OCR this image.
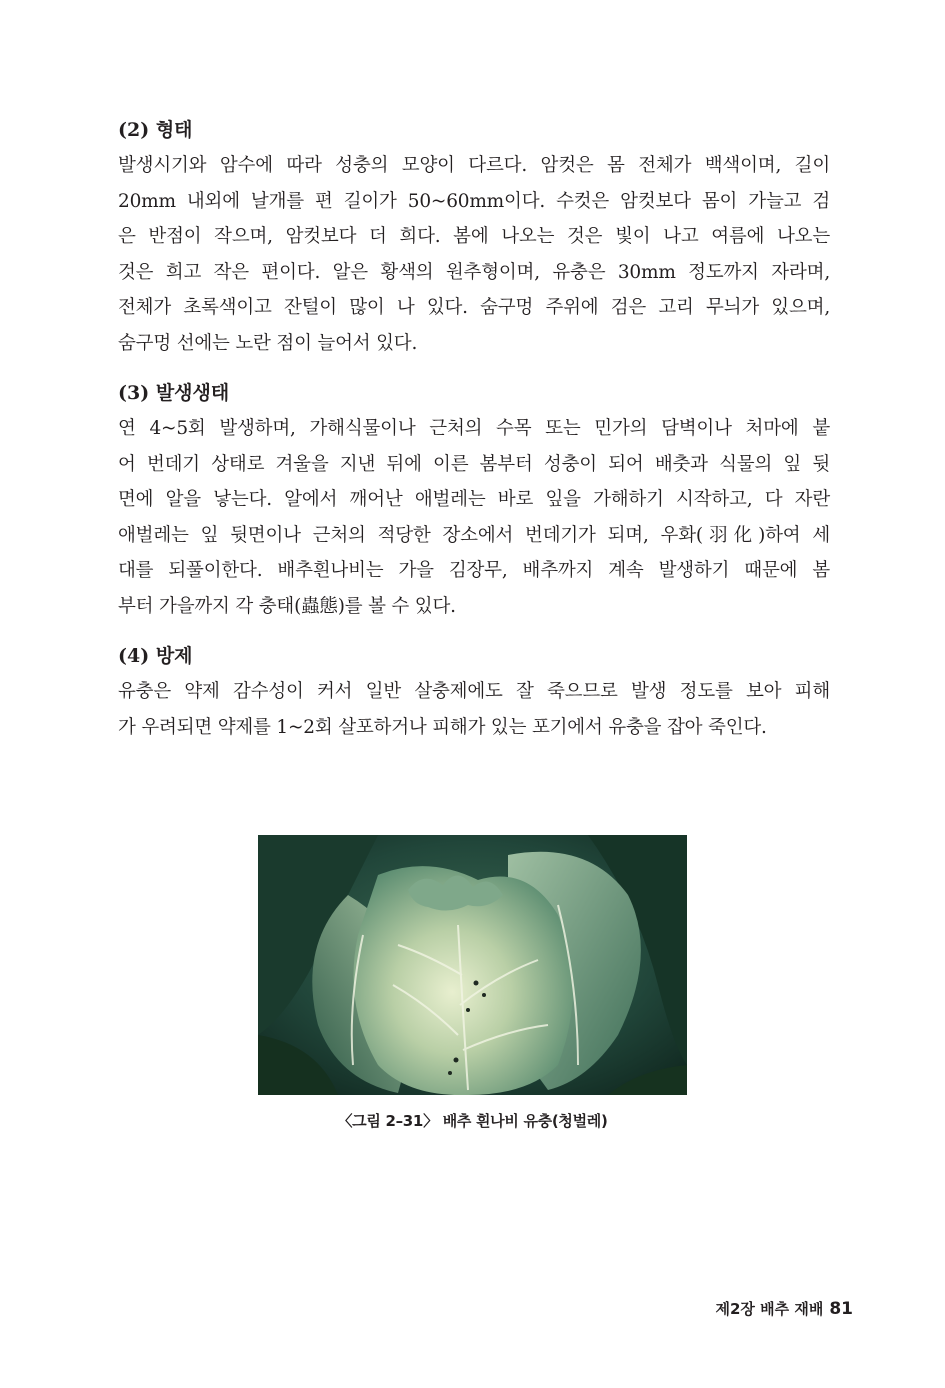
(2) 형태

발생시기와 암수에 따라 성충의 모양이 다르다. 암컷은 몸 전체가 백색이며, 길이
20mm 내외에 날개를 편 길이가 50~60mm이다. 수컷은 암컷보다 몸이 가늘고 검
은 반점이 작으며, 암컷보다 더 희다. 봄에 나오는 것은 빛이 나고 여름에 나오는
것은 희고 작은 편이다. 알은 황색의 원추형이며, 유충은 30mm 정도까지 자라며,
전체가 초록색이고 잔털이 많이 나 있다. 숨구멍 주위에 검은 고리 무늬가 있으며,
숨구멍 선에는 노란 점이 늘어서 있다.

(3) 발생생태

연 4~5회 발생하며, 가해식물이나 근처의 수목 또는 민가의 담벽이나 처마에 붙
어 번데기 상태로 겨울을 지낸 뒤에 이른 봄부터 성충이 되어 배춧과 식물의 잎 뒷
면에 알을 낳는다. 알에서 깨어난 애벌레는 바로 잎을 가해하기 시작하고, 다 자란
애벌레는 잎 뒷면이나 근처의 적당한 장소에서 번데기가 되며, 우화(羽化)하여 세
대를 되풀이한다. 배추흰나비는 가을 김장무, 배추까지 계속 발생하기 때문에 봄
부터 가을까지 각 충태(蟲態)를 볼 수 있다.

(4) 방제

유충은 약제 감수성이 커서 일반 살충제에도 잘 죽으므로 발생 정도를 보아 피해
가 우려되면 약제를 1~2회 살포하거나 피해가 있는 포기에서 유충을 잡아 죽인다.

〈그림 2–31〉 배추 흰나비 유충(청벌레)
제2장 배추 재배 81
